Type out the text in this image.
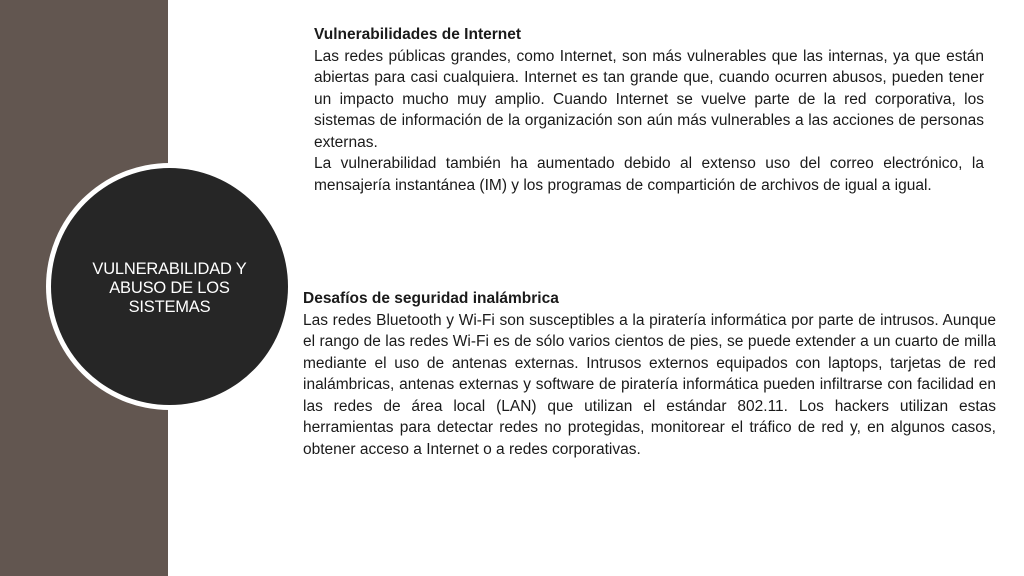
VULNERABILIDAD Y ABUSO DE LOS SISTEMAS
Vulnerabilidades de Internet

Las redes públicas grandes, como Internet, son más vulnerables que las internas, ya que están abiertas para casi cualquiera. Internet es tan grande que, cuando ocurren abusos, pueden tener un impacto mucho muy amplio. Cuando Internet se vuelve parte de la red corporativa, los sistemas de información de la organización son aún más vulnerables a las acciones de personas externas.

La vulnerabilidad también ha aumentado debido al extenso uso del correo electrónico, la mensajería instantánea (IM) y los programas de compartición de archivos de igual a igual.

Desafíos de seguridad inalámbrica

Las redes Bluetooth y Wi-Fi son susceptibles a la piratería informática por parte de intrusos. Aunque el rango de las redes Wi-Fi es de sólo varios cientos de pies, se puede extender a un cuarto de milla mediante el uso de antenas externas. Intrusos externos equipados con laptops, tarjetas de red inalámbricas, antenas externas y software de piratería informática pueden infiltrarse con facilidad en las redes de área local (LAN) que utilizan el estándar 802.11. Los hackers utilizan estas herramientas para detectar redes no protegidas, monitorear el tráfico de red y, en algunos casos, obtener acceso a Internet o a redes corporativas.
